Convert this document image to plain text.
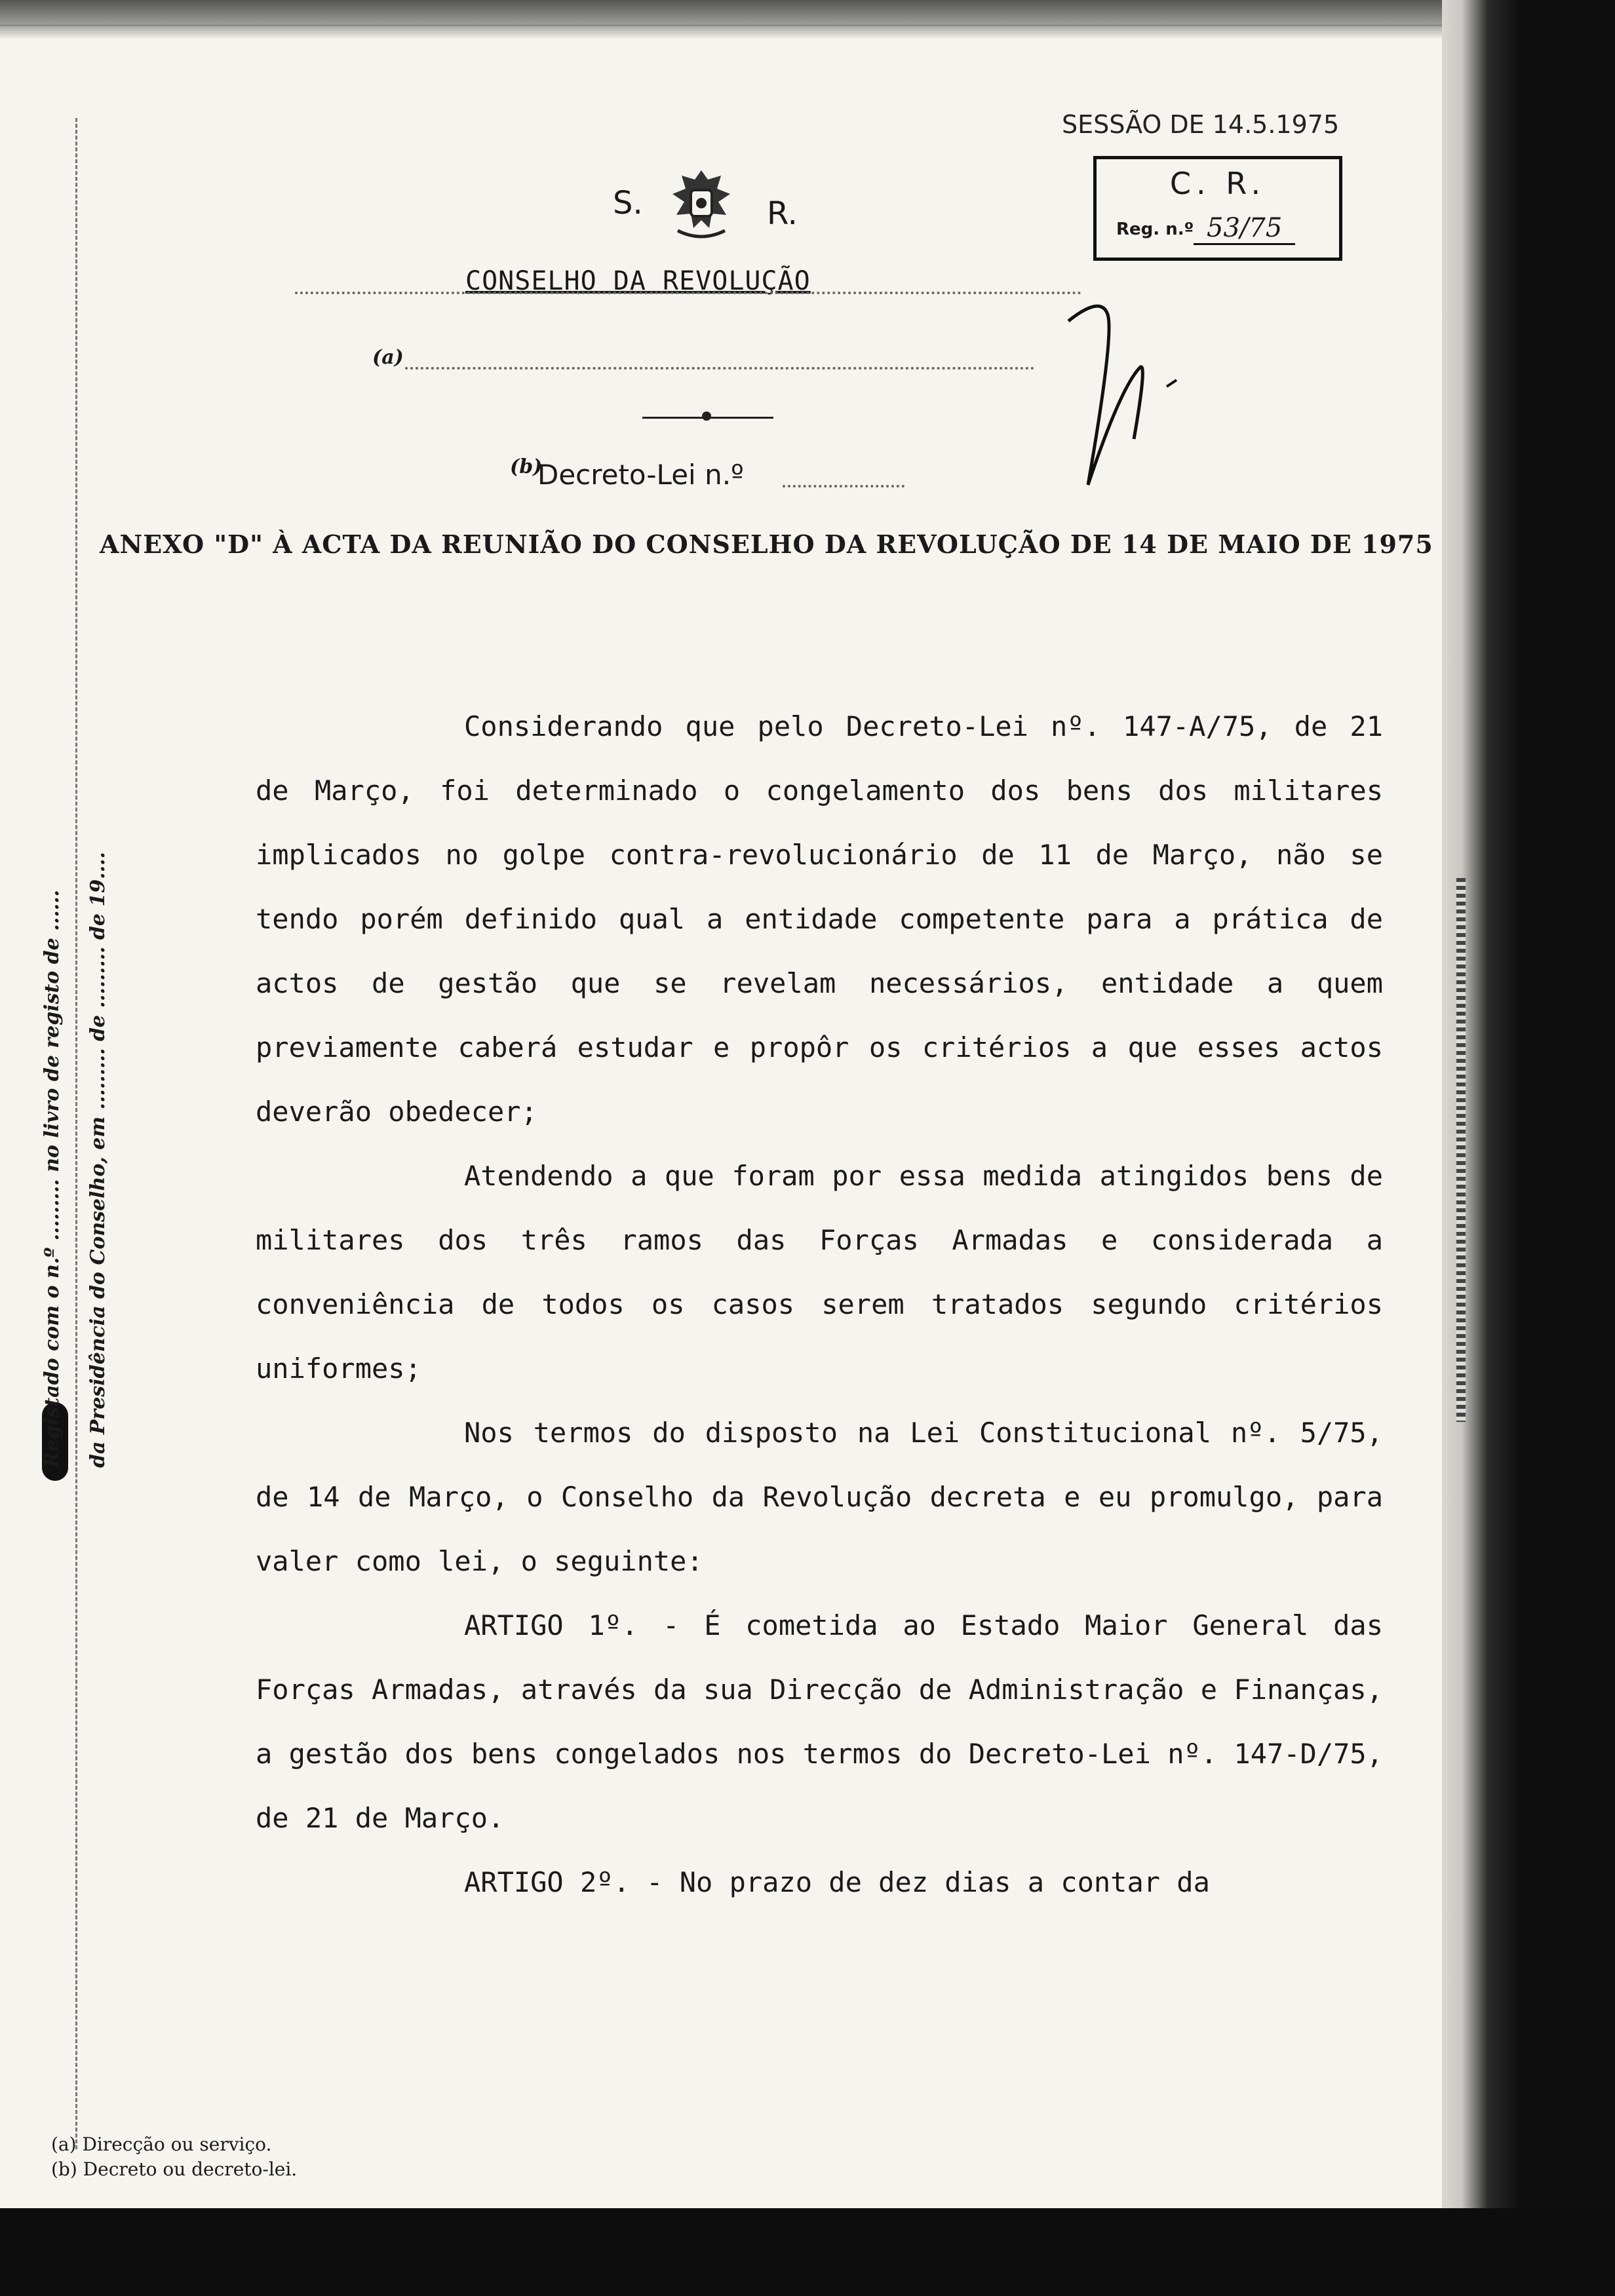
SESSÃO DE 14.5.1975
C. R.
Reg. n.º 53/75
S.	R.
CONSELHO DA REVOLUÇÃO
(a)
(b)
Decreto-Lei n.º
ANEXO "D" À ACTA DA REUNIÃO DO CONSELHO DA REVOLUÇÃO DE 14 DE MAIO DE 1975

Considerando que pelo Decreto-Lei nº. 147-A/75, de 21 de Março, foi determinado o congelamento dos bens dos militares implicados no golpe contra-revolucionário de 11 de Março, não se tendo porém definido qual a entidade competente para a prática de actos de gestão que se revelam necessários, entidade a quem previamente caberá estudar e propôr os critérios a que esses actos deverão obedecer;

Atendendo a que foram por essa medida atingidos bens de militares dos três ramos das Forças Armadas e considerada a conveniência de todos os casos serem tratados segundo critérios uniformes;

Nos termos do disposto na Lei Constitucional nº. 5/75, de 14 de Março, o Conselho da Revolução decreta e eu promulgo, para valer como lei, o seguinte:

ARTIGO 1º. - É cometida ao Estado Maior General das Forças Armadas, através da sua Direcção de Administração e Finanças, a gestão dos bens congelados nos termos do Decreto-Lei nº. 147-D/75, de 21 de Março.

ARTIGO 2º. - No prazo de dez dias a contar da

Registado com o n.º ......... no livro de registo de ...... da Presidência do Conselho, em ......... de ......... de 19....
(a) Direcção ou serviço.
(b) Decreto ou decreto-lei.
